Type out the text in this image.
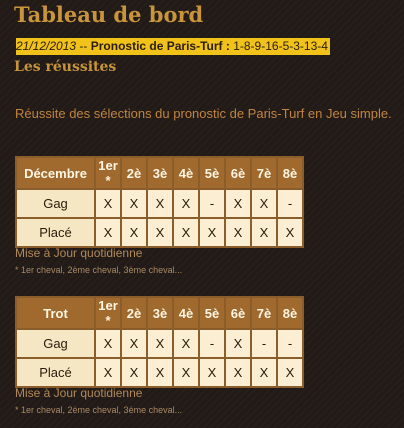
Tableau de bord
21/12/2013 -- Pronostic de Paris-Turf : 1-8-9-16-5-3-13-4
Les réussites
Réussite des sélections du pronostic de Paris-Turf en Jeu simple.
Décembre	1er *	2è	3è	4è	5è	6è	7è	8è
Gag	X	X	X	X	-	X	X	-
Placé	X	X	X	X	X	X	X	X
Mise à Jour quotidienne
* 1er cheval, 2ème cheval, 3ème cheval...
Trot	1er *	2è	3è	4è	5è	6è	7è	8è
Gag	X	X	X	X	-	X	-	-
Placé	X	X	X	X	X	X	X	X
Mise à Jour quotidienne
* 1er cheval, 2ème cheval, 3ème cheval...
